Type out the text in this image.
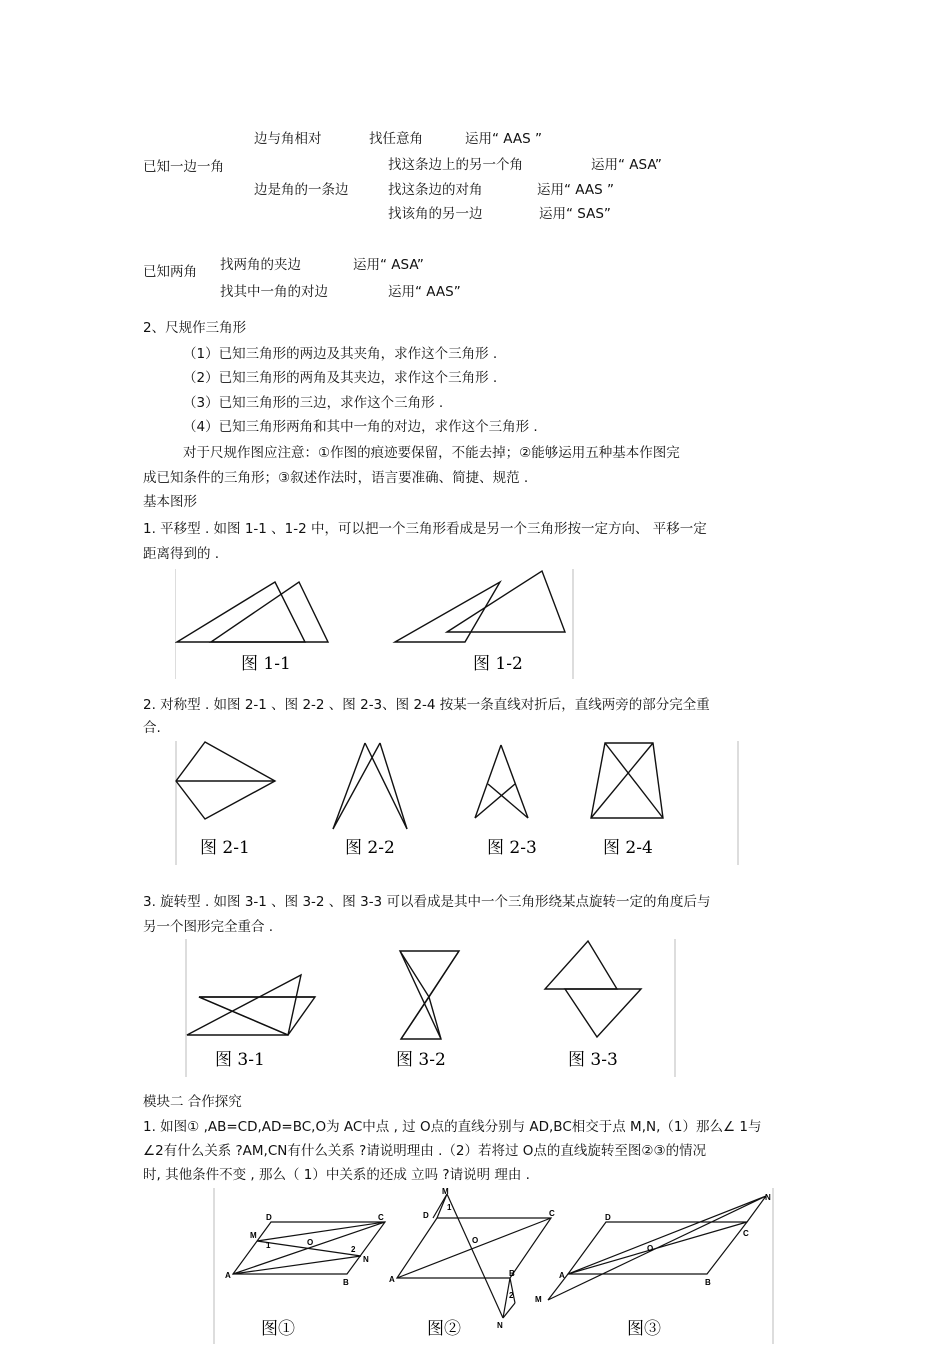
边与角相对	找任意角	运用“ AAS ”
已知一边一角	找这条边上的另一个角	运用“ ASA”
边是角的一条边	找这条边的对角	运用“ AAS ”
找该角的另一边	运用“ SAS”
已知两角 找两角的夹边	运用“ ASA”
找其中一角的对边	运用“ AAS”
2、尺规作三角形
（1）已知三角形的两边及其夹角，求作这个三角形 .
（2）已知三角形的两角及其夹边，求作这个三角形 .
（3）已知三角形的三边，求作这个三角形 .
（4）已知三角形两角和其中一角的对边，求作这个三角形 .
对于尺规作图应注意：①作图的痕迹要保留，不能去掉；②能够运用五种基本作图完
成已知条件的三角形；③叙述作法时，语言要准确、简捷、规范 .
基本图形
1. 平移型 . 如图 1-1 、1-2 中，可以把一个三角形看成是另一个三角形按一定方向、 平移一定
距离得到的 .
图 1-1	图 1-2
2. 对称型 . 如图 2-1 、图 2-2 、图 2-3、图 2-4 按某一条直线对折后，直线两旁的部分完全重
合.
图 2-1	图 2-2	图 2-3	图 2-4
3. 旋转型 . 如图 3-1 、图 3-2 、图 3-3 可以看成是其中一个三角形绕某点旋转一定的角度后与
另一个图形完全重合 .
图 3-1	图 3-2	图 3-3
模块二 合作探究
1. 如图① ,AB=CD,AD=BC,O为 AC中点 , 过 O点的直线分别与 AD,BC相交于点 M,N,（1）那么∠ 1与
∠2有什么关系 ?AM,CN有什么关系 ?请说明理由 .（2）若将过 O点的直线旋转至图②③的情况
时, 其他条件不变 , 那么（ 1）中关系的还成 立吗 ?请说明 理由 .
D	C
A
B
M
N
O
1	2
D	C
A
B
M
N
O
1
2
D
C
A
B
M
N
O
图①	图②	图③
